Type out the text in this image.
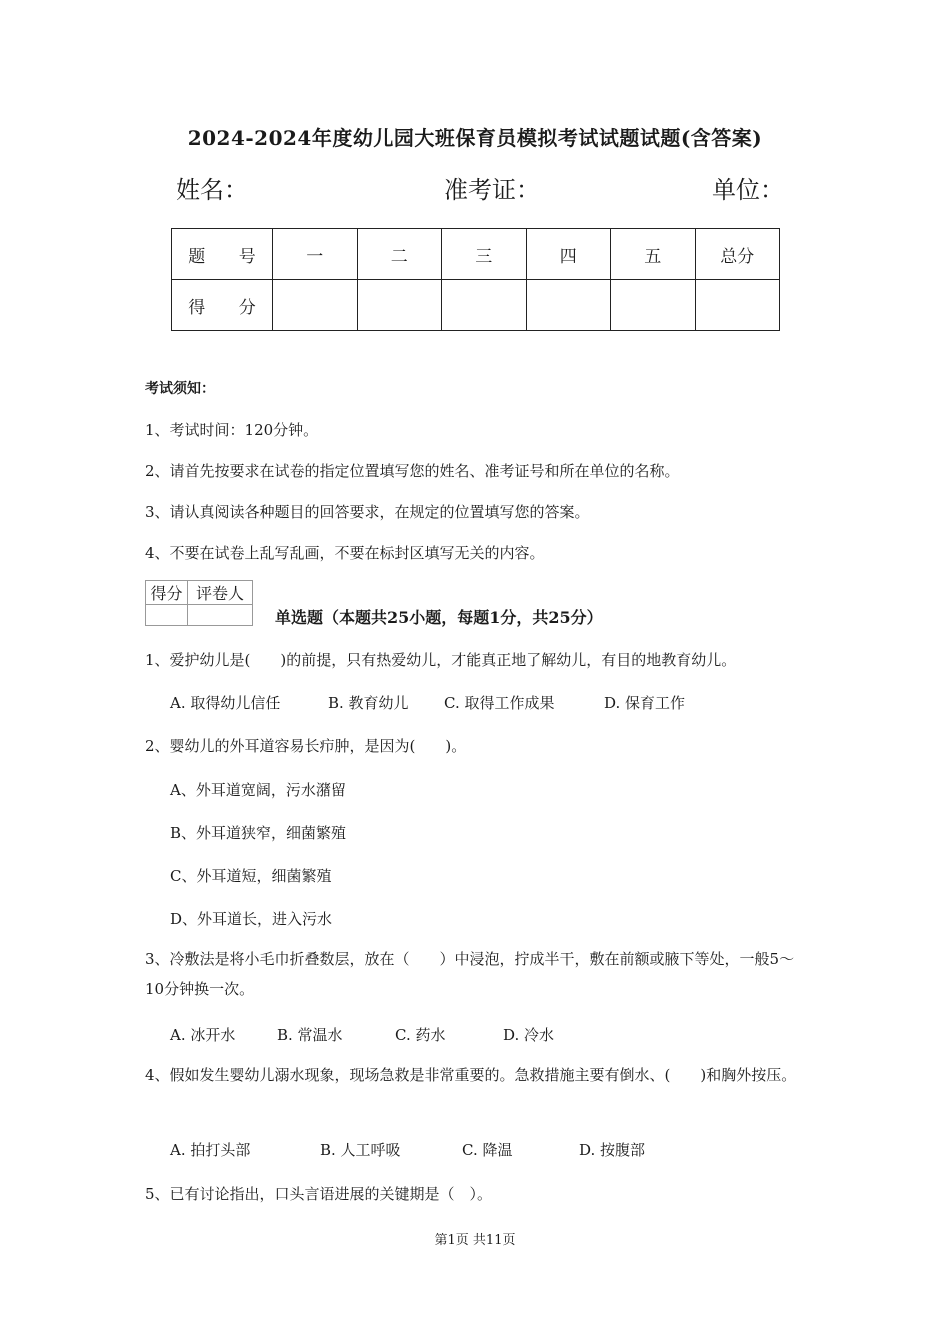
2024-2024年度幼儿园大班保育员模拟考试试题试题(含答案)
姓名：	准考证：	单位：
题 号	一	二	三	四	五	总分
得 分						
考试须知：
1、考试时间：120分钟。
2、请首先按要求在试卷的指定位置填写您的姓名、准考证号和所在单位的名称。
3、请认真阅读各种题目的回答要求，在规定的位置填写您的答案。
4、不要在试卷上乱写乱画，不要在标封区填写无关的内容。
得分	评卷人

单选题（本题共25小题，每题1分，共25分）
1、爱护幼儿是(　　)的前提，只有热爱幼儿，才能真正地了解幼儿，有目的地教育幼儿。
A. 取得幼儿信任	B. 教育幼儿 C. 取得工作成果	D. 保育工作
2、婴幼儿的外耳道容易长疖肿，是因为(　　)。
A、外耳道宽阔，污水潴留
B、外耳道狭窄，细菌繁殖
C、外耳道短，细菌繁殖
D、外耳道长，进入污水
3、冷敷法是将小毛巾折叠数层，放在（　　）中浸泡，拧成半干，敷在前额或腋下等处，一般5～10分钟换一次。
A. 冰开水	B. 常温水	C. 药水	D. 冷水
4、假如发生婴幼儿溺水现象，现场急救是非常重要的。急救措施主要有倒水、(　　)和胸外按压。
A. 拍打头部	B. 人工呼吸	C. 降温	D. 按腹部
5、已有讨论指出，口头言语进展的关键期是（　）。
第1页 共11页
